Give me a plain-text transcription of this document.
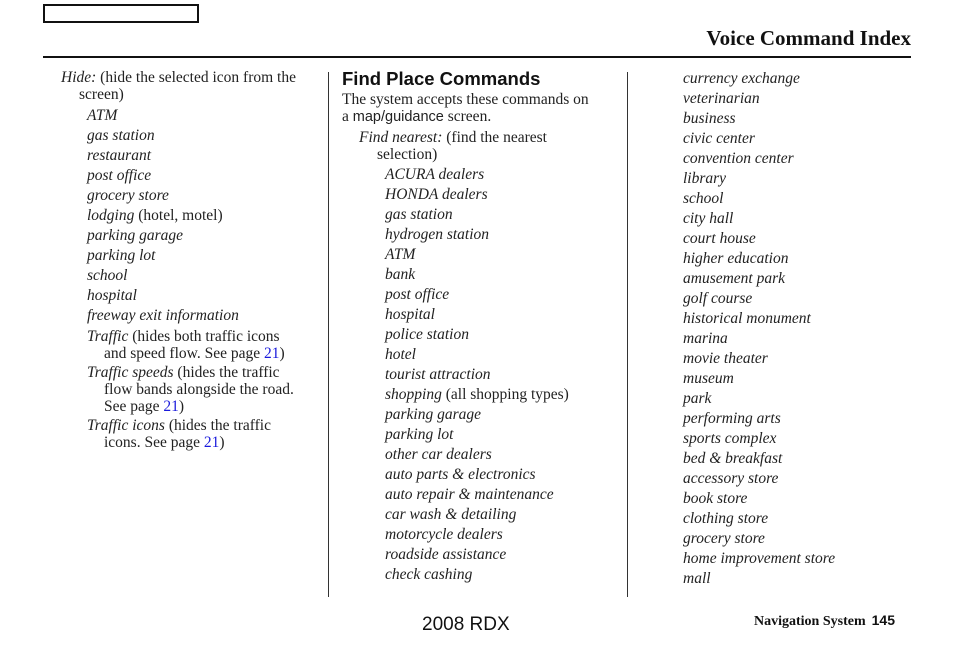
Voice Command Index
Hide: (hide the selected icon from the
screen)
ATM
gas station
restaurant
post office
grocery store
lodging (hotel, motel)
parking garage
parking lot
school
hospital
freeway exit information
Traffic (hides both traffic icons
and speed flow. See page 21)
Traffic speeds (hides the traffic
flow bands alongside the road.
See page 21)
Traffic icons (hides the traffic
icons. See page 21)
Find Place Commands
The system accepts these commands on
a map/guidance screen.
Find nearest: (find the nearest
selection)
ACURA dealers
HONDA dealers
gas station
hydrogen station
ATM
bank
post office
hospital
police station
hotel
tourist attraction
shopping (all shopping types)
parking garage
parking lot
other car dealers
auto parts & electronics
auto repair & maintenance
car wash & detailing
motorcycle dealers
roadside assistance
check cashing
currency exchange
veterinarian
business
civic center
convention center
library
school
city hall
court house
higher education
amusement park
golf course
historical monument
marina
movie theater
museum
park
performing arts
sports complex
bed & breakfast
accessory store
book store
clothing store
grocery store
home improvement store
mall
Navigation System 145
2008 RDX
